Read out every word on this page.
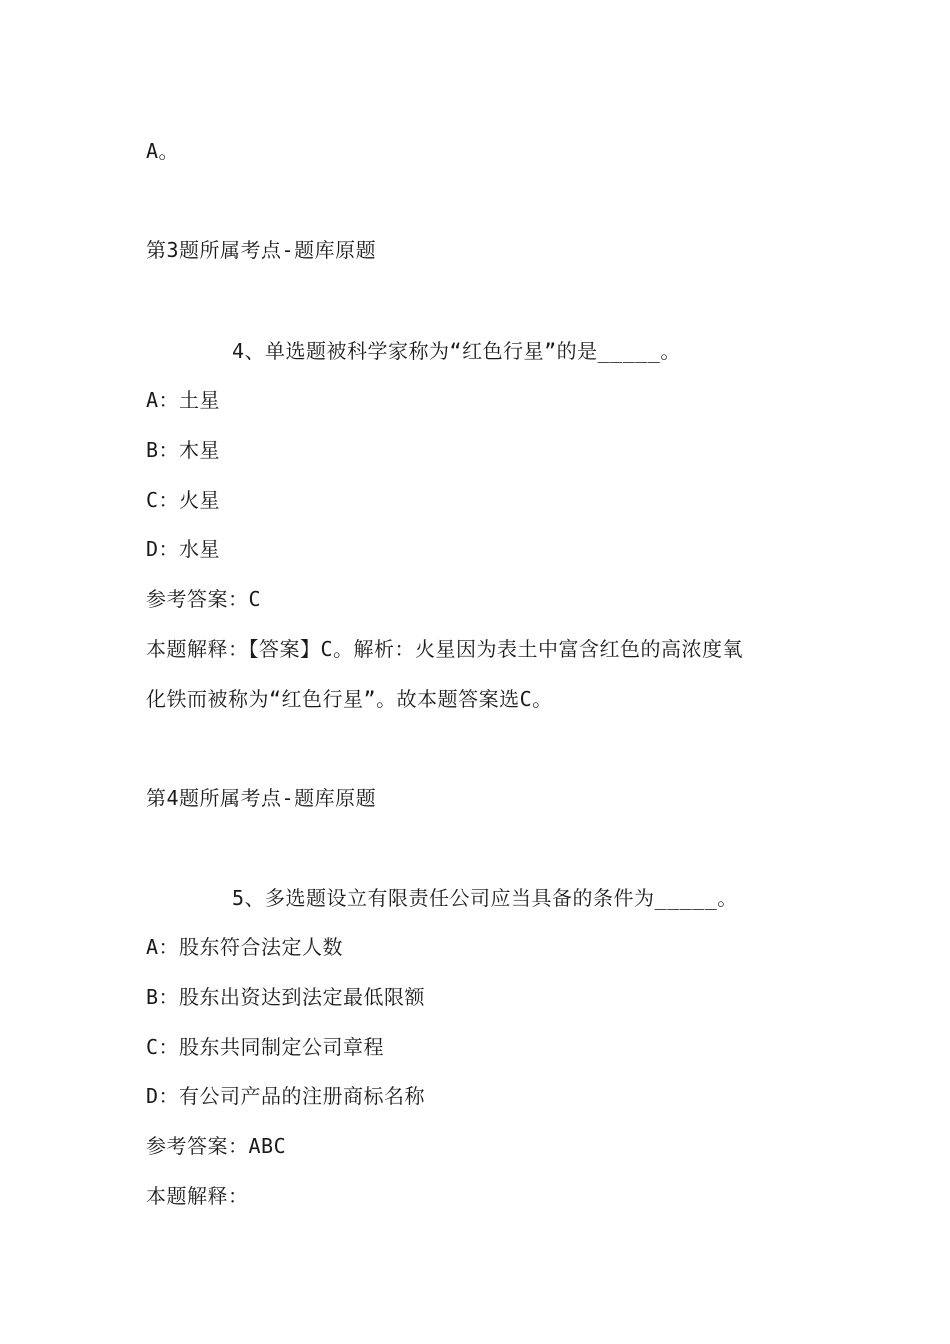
A。
第3题所属考点-题库原题
4、单选题被科学家称为“红色行星”的是_____。
A：土星
B：木星
C：火星
D：水星
参考答案：C
本题解释：【答案】C。解析：火星因为表土中富含红色的高浓度氧
化铁而被称为“红色行星”。故本题答案选C。
第4题所属考点-题库原题
5、多选题设立有限责任公司应当具备的条件为_____。
A：股东符合法定人数
B：股东出资达到法定最低限额
C：股东共同制定公司章程
D：有公司产品的注册商标名称
参考答案：ABC
本题解释：
